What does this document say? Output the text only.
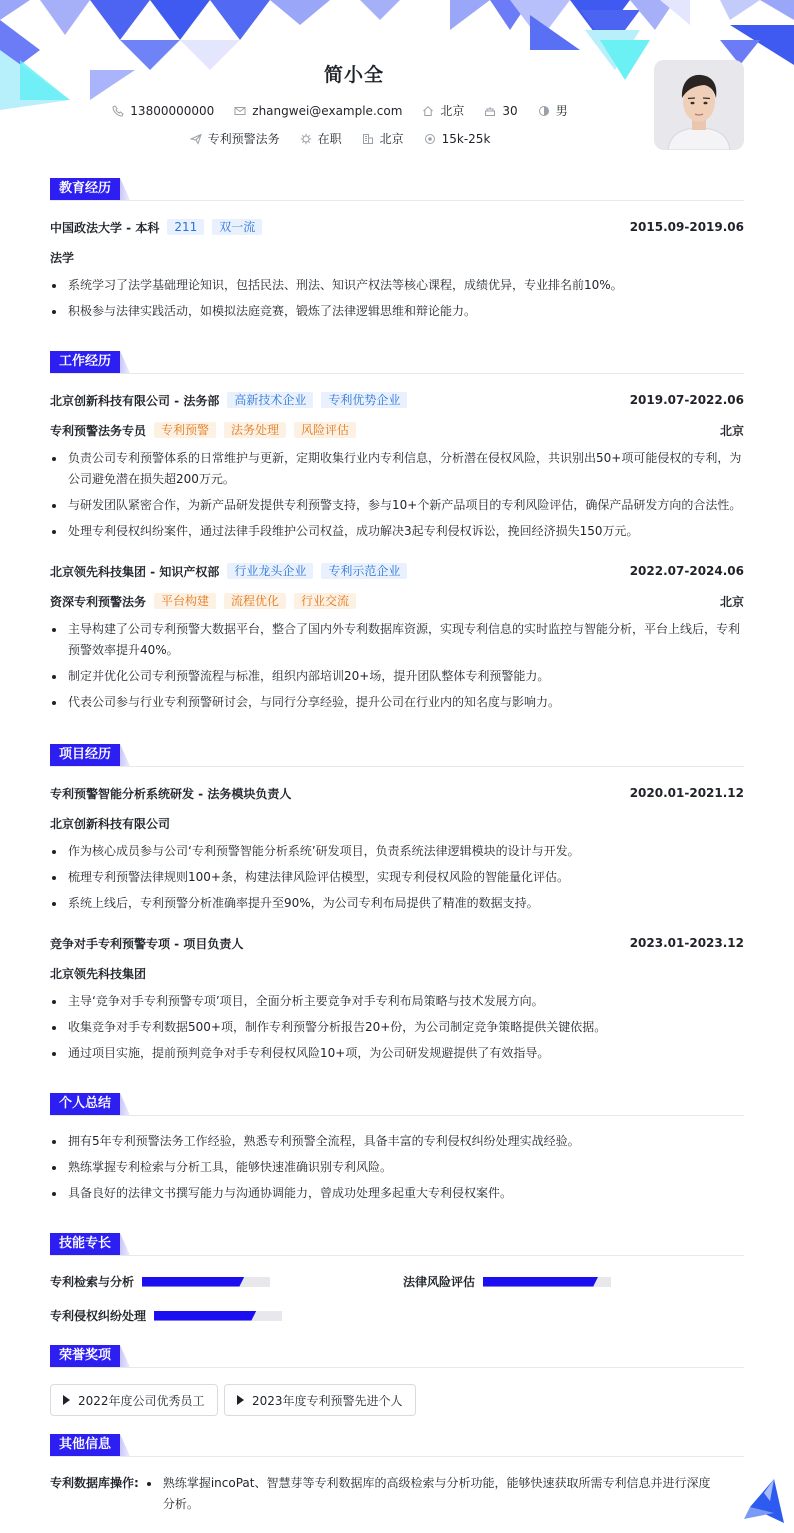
简小全
13800000000	zhangwei@example.com	北京	30	男
专利预警法务	在职	北京	15k-25k
教育经历
中国政法大学 - 本科	211	双一流	2015.09-2019.06
法学
系统学习了法学基础理论知识，包括民法、刑法、知识产权法等核心课程，成绩优异，专业排名前10%。
积极参与法律实践活动，如模拟法庭竞赛，锻炼了法律逻辑思维和辩论能力。
工作经历
北京创新科技有限公司 - 法务部	高新技术企业	专利优势企业	2019.07-2022.06
专利预警法务专员	专利预警	法务处理	风险评估	北京
负责公司专利预警体系的日常维护与更新，定期收集行业内专利信息，分析潜在侵权风险，共识别出50+项可能侵权的专利，为公司避免潜在损失超200万元。
与研发团队紧密合作，为新产品研发提供专利预警支持，参与10+个新产品项目的专利风险评估，确保产品研发方向的合法性。
处理专利侵权纠纷案件，通过法律手段维护公司权益，成功解决3起专利侵权诉讼，挽回经济损失150万元。
北京领先科技集团 - 知识产权部	行业龙头企业	专利示范企业	2022.07-2024.06
资深专利预警法务	平台构建	流程优化	行业交流	北京
主导构建了公司专利预警大数据平台，整合了国内外专利数据库资源，实现专利信息的实时监控与智能分析，平台上线后，专利预警效率提升40%。
制定并优化公司专利预警流程与标准，组织内部培训20+场，提升团队整体专利预警能力。
代表公司参与行业专利预警研讨会，与同行分享经验，提升公司在行业内的知名度与影响力。
项目经历
专利预警智能分析系统研发 - 法务模块负责人	2020.01-2021.12
北京创新科技有限公司
作为核心成员参与公司‘专利预警智能分析系统’研发项目，负责系统法律逻辑模块的设计与开发。
梳理专利预警法律规则100+条，构建法律风险评估模型，实现专利侵权风险的智能量化评估。
系统上线后，专利预警分析准确率提升至90%，为公司专利布局提供了精准的数据支持。
竞争对手专利预警专项 - 项目负责人	2023.01-2023.12
北京领先科技集团
主导‘竞争对手专利预警专项’项目，全面分析主要竞争对手专利布局策略与技术发展方向。
收集竞争对手专利数据500+项，制作专利预警分析报告20+份，为公司制定竞争策略提供关键依据。
通过项目实施，提前预判竞争对手专利侵权风险10+项，为公司研发规避提供了有效指导。
个人总结
拥有5年专利预警法务工作经验，熟悉专利预警全流程，具备丰富的专利侵权纠纷处理实战经验。
熟练掌握专利检索与分析工具，能够快速准确识别专利风险。
具备良好的法律文书撰写能力与沟通协调能力，曾成功处理多起重大专利侵权案件。
技能专长
专利检索与分析	法律风险评估
专利侵权纠纷处理
荣誉奖项
2022年度公司优秀员工	2023年度专利预警先进个人
其他信息
专利数据库操作:	熟练掌握incoPat、智慧芽等专利数据库的高级检索与分析功能，能够快速获取所需专利信息并进行深度分析。
